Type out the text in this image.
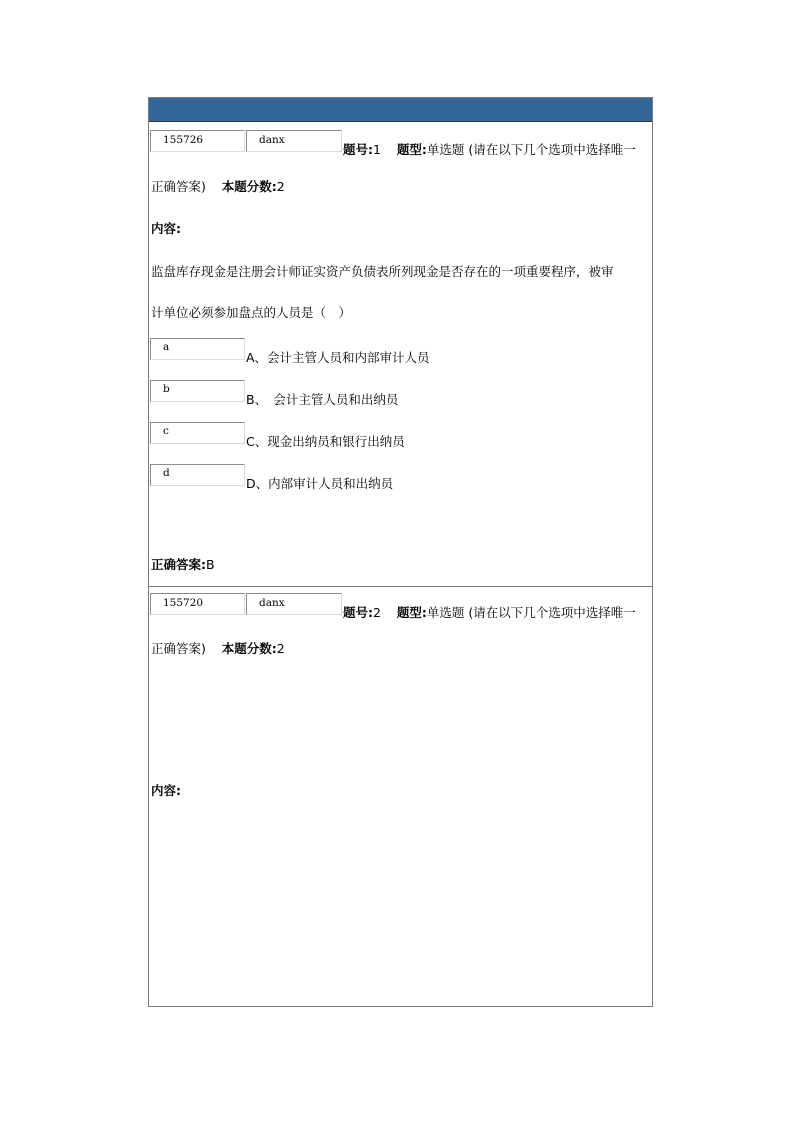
155726	danx
题号:1 题型:单选题 (请在以下几个选项中选择唯一
正确答案) 本题分数:2
内容:
监盘库存现金是注册会计师证实资产负债表所列现金是否存在的一项重要程序，被审
计单位必须参加盘点的人员是（　）
a
A、会计主管人员和内部审计人员
b
B、　会计主管人员和出纳员
c
C、现金出纳员和银行出纳员
d
D、内部审计人员和出纳员
正确答案:B
155720	danx
题号:2 题型:单选题 (请在以下几个选项中选择唯一
正确答案) 本题分数:2
内容:
